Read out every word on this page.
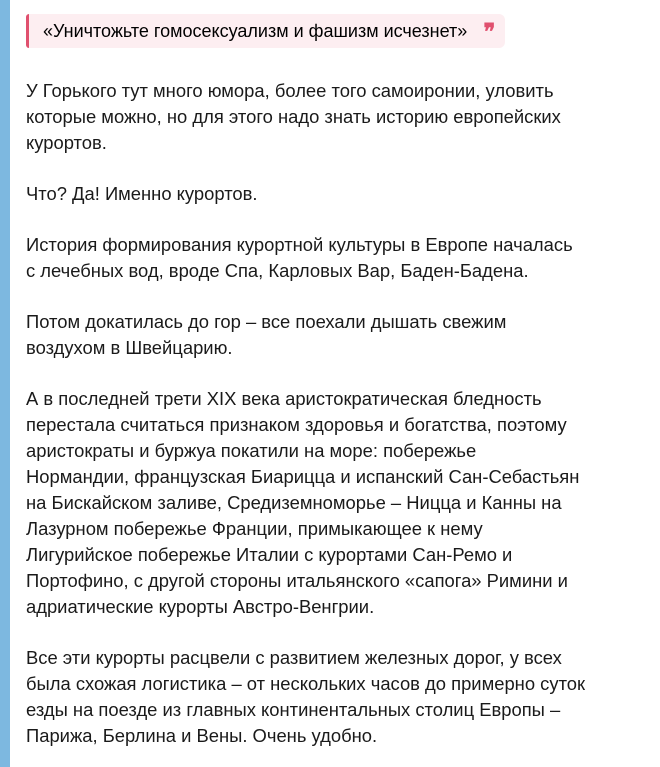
«Уничтожьте гомосексуализм и фашизм исчезнет» ❞

У Горького тут много юмора, более того самоиронии, уловить
которые можно, но для этого надо знать историю европейских
курортов.

Что? Да! Именно курортов.

История формирования курортной культуры в Европе началась
с лечебных вод, вроде Спа, Карловых Вар, Баден-Бадена.

Потом докатилась до гор – все поехали дышать свежим
воздухом в Швейцарию.

А в последней трети XIX века аристократическая бледность
перестала считаться признаком здоровья и богатства, поэтому
аристократы и буржуа покатили на море: побережье
Нормандии, французская Биарицца и испанский Сан-Себастьян
на Бискайском заливе, Средиземноморье – Ницца и Канны на
Лазурном побережье Франции, примыкающее к нему
Лигурийское побережье Италии с курортами Сан-Ремо и
Портофино, с другой стороны итальянского «сапога» Римини и
адриатические курорты Австро-Венгрии.

Все эти курорты расцвели с развитием железных дорог, у всех
была схожая логистика – от нескольких часов до примерно суток
езды на поезде из главных континентальных столиц Европы –
Парижа, Берлина и Вены. Очень удобно.
